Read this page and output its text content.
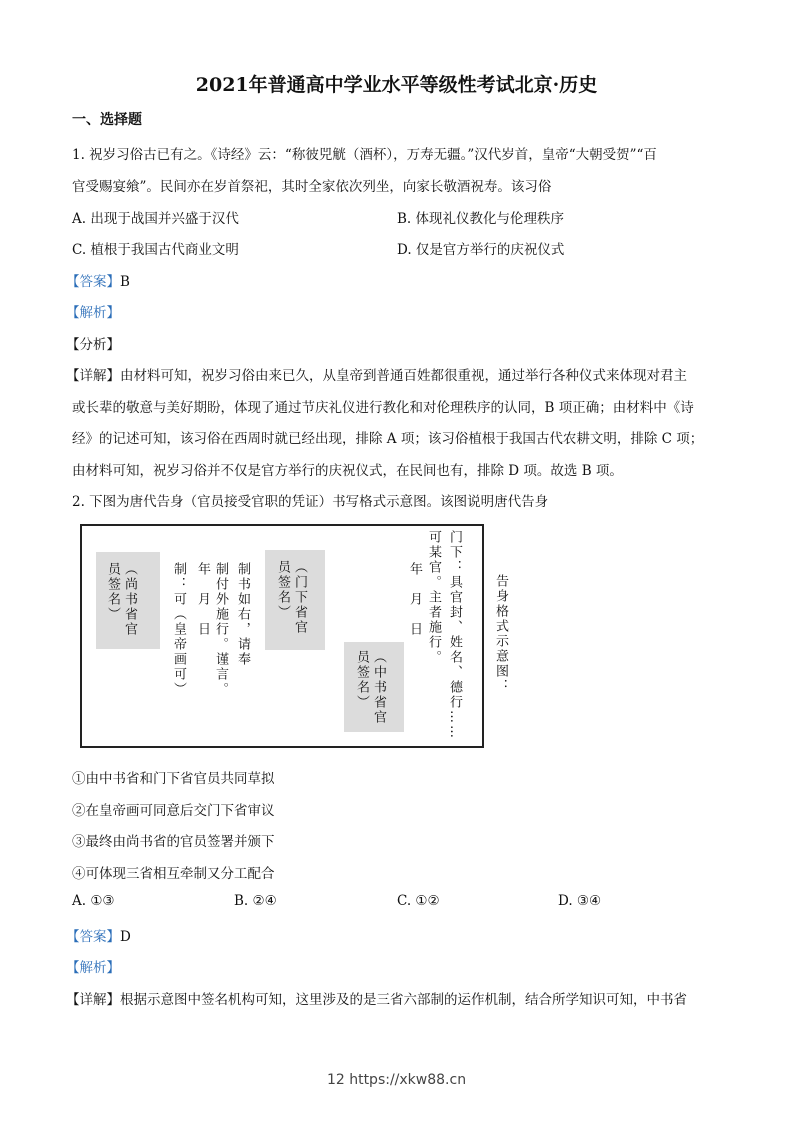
2021年普通高中学业水平等级性考试北京·历史
一、选择题
1. 祝岁习俗古已有之。《诗经》云：“称彼兕觥（酒杯），万寿无疆。”汉代岁首，皇帝“大朝受贺”“百
官受赐宴飨”。民间亦在岁首祭祀，其时全家依次列坐，向家长敬酒祝寿。该习俗
A. 出现于战国并兴盛于汉代	B. 体现礼仪教化与伦理秩序
C. 植根于我国古代商业文明	D. 仅是官方举行的庆祝仪式
【答案】B
【解析】
【分析】
【详解】由材料可知，祝岁习俗由来已久，从皇帝到普通百姓都很重视，通过举行各种仪式来体现对君主
或长辈的敬意与美好期盼，体现了通过节庆礼仪进行教化和对伦理秩序的认同，B 项正确；由材料中《诗
经》的记述可知，该习俗在西周时就已经出现，排除 A 项；该习俗植根于我国古代农耕文明，排除 C 项；
由材料可知，祝岁习俗并不仅是官方举行的庆祝仪式，在民间也有，排除 D 项。故选 B 项。
2. 下图为唐代告身（官员接受官职的凭证）书写格式示意图。该图说明唐代告身
（尚书省官员签名）	制：可（皇帝画可） 年　月　日 制付外施行。谨言。 制书如右，请奉	（门下省官员签名）
（中书省官员签名）
年　月　日 可某官。主者施行。 门下：具官封、姓名、德行…… 告身格式示意图：
①由中书省和门下省官员共同草拟
②在皇帝画可同意后交门下省审议
③最终由尚书省的官员签署并颁下
④可体现三省相互牵制又分工配合
A. ①③	B. ②④	C. ①②	D. ③④
【答案】D
【解析】
【详解】根据示意图中签名机构可知，这里涉及的是三省六部制的运作机制，结合所学知识可知，中书省
12 https://xkw88.cn
